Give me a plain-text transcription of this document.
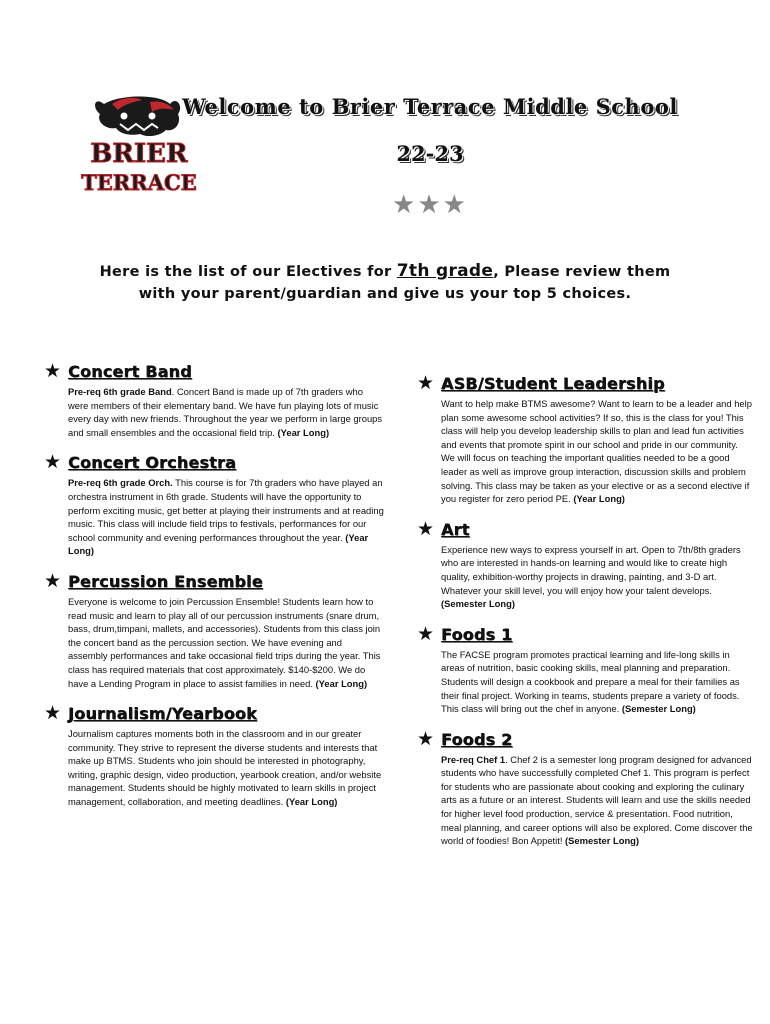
BRIER
TERRACE
Welcome to Brier Terrace Middle School
22-23
★★★
Here is the list of our Electives for 7th grade, Please review them with your parent/guardian and give us your top 5 choices.
★ Concert Band
Pre-req 6th grade Band. Concert Band is made up of 7th graders who were members of their elementary band. We have fun playing lots of music every day with new friends. Throughout the year we perform in large groups and small ensembles and the occasional field trip. (Year Long)
★ Concert Orchestra
Pre-req 6th grade Orch. This course is for 7th graders who have played an orchestra instrument in 6th grade. Students will have the opportunity to perform exciting music, get better at playing their instruments and at reading music. This class will include field trips to festivals, performances for our school community and evening performances throughout the year. (Year Long)
★ Percussion Ensemble
Everyone is welcome to join Percussion Ensemble! Students learn how to read music and learn to play all of our percussion instruments (snare drum, bass, drum,timpani, mallets, and accessories). Students from this class join the concert band as the percussion section. We have evening and assembly performances and take occasional field trips during the year. This class has required materials that cost approximately. $140-$200. We do have a Lending Program in place to assist families in need. (Year Long)
★ Journalism/Yearbook
Journalism captures moments both in the classroom and in our greater community. They strive to represent the diverse students and interests that make up BTMS. Students who join should be interested in photography, writing, graphic design, video production, yearbook creation, and/or website management. Students should be highly motivated to learn skills in project management, collaboration, and meeting deadlines. (Year Long)
★ ASB/Student Leadership
Want to help make BTMS awesome? Want to learn to be a leader and help plan some awesome school activities? If so, this is the class for you! This class will help you develop leadership skills to plan and lead fun activities and events that promote spirit in our school and pride in our community. We will focus on teaching the important qualities needed to be a good leader as well as improve group interaction, discussion skills and problem solving. This class may be taken as your elective or as a second elective if you register for zero period PE. (Year Long)
★ Art
Experience new ways to express yourself in art. Open to 7th/8th graders who are interested in hands-on learning and would like to create high quality, exhibition-worthy projects in drawing, painting, and 3-D art. Whatever your skill level, you will enjoy how your talent develops. (Semester Long)
★ Foods 1
The FACSE program promotes practical learning and life-long skills in areas of nutrition, basic cooking skills, meal planning and preparation. Students will design a cookbook and prepare a meal for their families as their final project. Working in teams, students prepare a variety of foods. This class will bring out the chef in anyone. (Semester Long)
★ Foods 2
Pre-req Chef 1. Chef 2 is a semester long program designed for advanced students who have successfully completed Chef 1. This program is perfect for students who are passionate about cooking and exploring the culinary arts as a future or an interest. Students will learn and use the skills needed for higher level food production, service & presentation. Food nutrition, meal planning, and career options will also be explored. Come discover the world of foodies! Bon Appetit! (Semester Long)
